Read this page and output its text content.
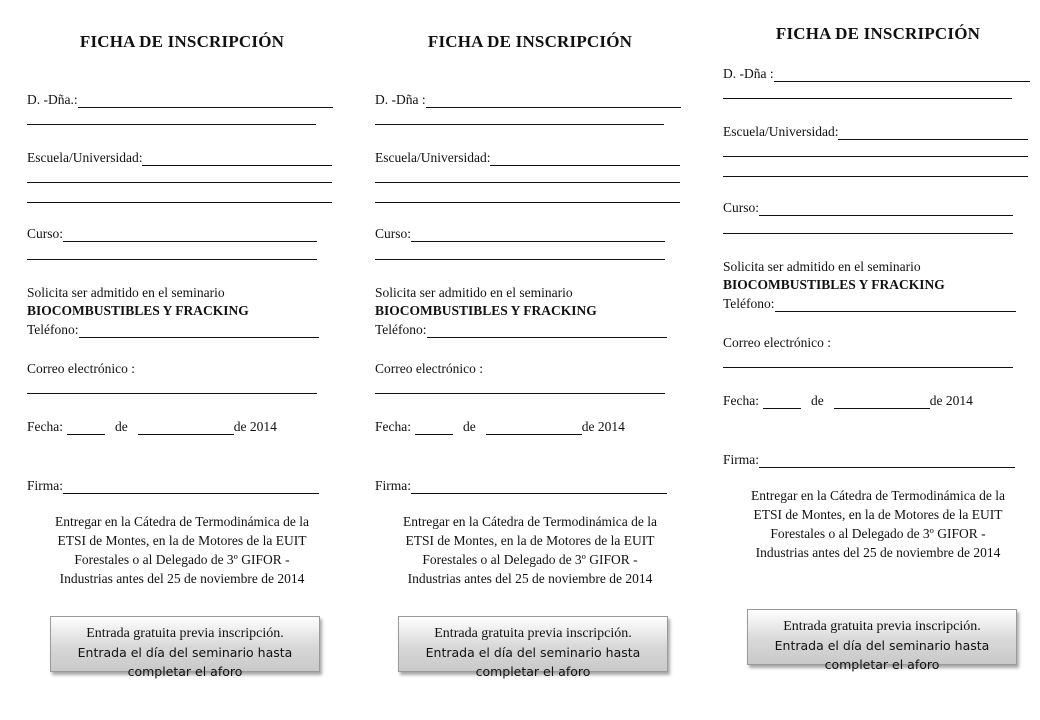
FICHA DE INSCRIPCIÓN
D. -Dña.:
Escuela/Universidad:
Curso:
Solicita ser admitido en el seminario
BIOCOMBUSTIBLES Y FRACKING
Teléfono:
Correo electrónico :
Fecha:	de	de 2014
Firma:
Entregar en la Cátedra de Termodinámica de la
ETSI de Montes, en la de Motores de la EUIT
Forestales o al Delegado de 3º GIFOR -
Industrias antes del 25 de noviembre de 2014
Entrada gratuita previa inscripción.
Entrada el día del seminario hasta
completar el aforo
FICHA DE INSCRIPCIÓN
D. -Dña :
Escuela/Universidad:
Curso:
Solicita ser admitido en el seminario
BIOCOMBUSTIBLES Y FRACKING
Teléfono:
Correo electrónico :
Fecha:	de	de 2014
Firma:
Entregar en la Cátedra de Termodinámica de la
ETSI de Montes, en la de Motores de la EUIT
Forestales o al Delegado de 3º GIFOR -
Industrias antes del 25 de noviembre de 2014
Entrada gratuita previa inscripción.
Entrada el día del seminario hasta
completar el aforo
FICHA DE INSCRIPCIÓN
D. -Dña :
Escuela/Universidad:
Curso:
Solicita ser admitido en el seminario
BIOCOMBUSTIBLES Y FRACKING
Teléfono:
Correo electrónico :
Fecha:	de	de 2014
Firma:
Entregar en la Cátedra de Termodinámica de la
ETSI de Montes, en la de Motores de la EUIT
Forestales o al Delegado de 3º GIFOR -
Industrias antes del 25 de noviembre de 2014
Entrada gratuita previa inscripción.
Entrada el día del seminario hasta
completar el aforo
